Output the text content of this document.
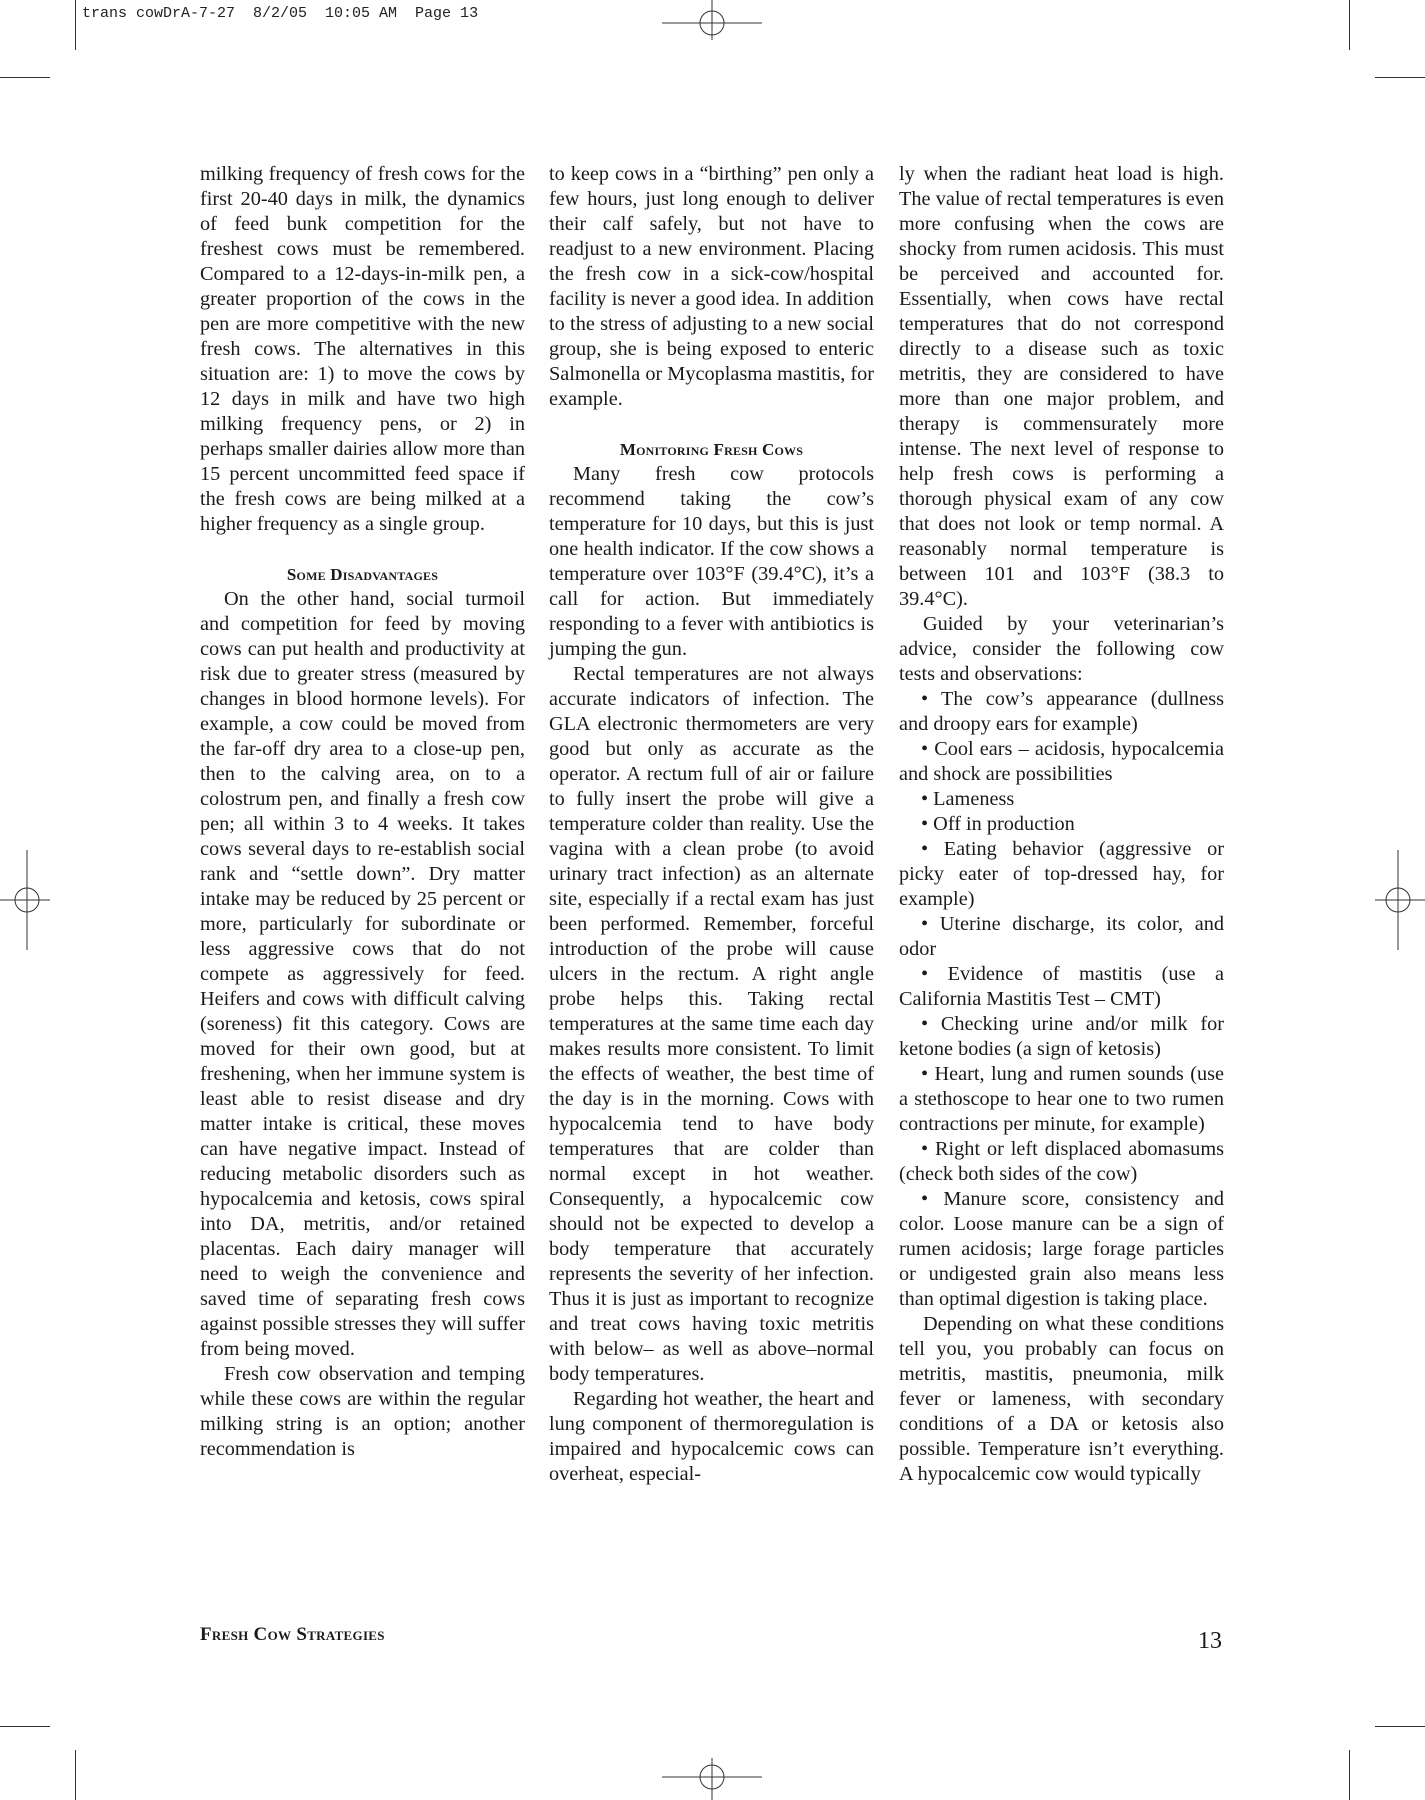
trans cowDrA-7-27  8/2/05  10:05 AM  Page 13

milking frequency of fresh cows for the first 20-40 days in milk, the dynamics of feed bunk competition for the freshest cows must be remembered. Compared to a 12-days-in-milk pen, a greater proportion of the cows in the pen are more competitive with the new fresh cows. The alternatives in this situation are: 1) to move the cows by 12 days in milk and have two high milking frequency pens, or 2) in perhaps smaller dairies allow more than 15 percent uncommitted feed space if the fresh cows are being milked at a higher frequency as a single group.

Some Disadvantages

On the other hand, social turmoil and competition for feed by moving cows can put health and productivity at risk due to greater stress (measured by changes in blood hormone levels). For example, a cow could be moved from the far-off dry area to a close-up pen, then to the calving area, on to a colostrum pen, and finally a fresh cow pen; all within 3 to 4 weeks. It takes cows several days to re-establish social rank and “settle down”. Dry matter intake may be reduced by 25 percent or more, particularly for subordinate or less aggressive cows that do not compete as aggressively for feed. Heifers and cows with difficult calving (soreness) fit this category. Cows are moved for their own good, but at freshening, when her immune system is least able to resist disease and dry matter intake is critical, these moves can have negative impact. Instead of reducing metabolic disorders such as hypocalcemia and ketosis, cows spiral into DA, metritis, and/or retained placentas. Each dairy manager will need to weigh the convenience and saved time of separating fresh cows against possible stresses they will suffer from being moved.

Fresh cow observation and temping while these cows are within the regular milking string is an option; another recommendation is

to keep cows in a “birthing” pen only a few hours, just long enough to deliver their calf safely, but not have to readjust to a new environment. Placing the fresh cow in a sick-cow/hospital facility is never a good idea. In addition to the stress of adjusting to a new social group, she is being exposed to enteric Salmonella or Mycoplasma mastitis, for example.

Monitoring Fresh Cows

Many fresh cow protocols recommend taking the cow’s temperature for 10 days, but this is just one health indicator. If the cow shows a temperature over 103°F (39.4°C), it’s a call for action. But immediately responding to a fever with antibiotics is jumping the gun.

Rectal temperatures are not always accurate indicators of infection. The GLA electronic thermometers are very good but only as accurate as the operator. A rectum full of air or failure to fully insert the probe will give a temperature colder than reality. Use the vagina with a clean probe (to avoid urinary tract infection) as an alternate site, especially if a rectal exam has just been performed. Remember, forceful introduction of the probe will cause ulcers in the rectum. A right angle probe helps this. Taking rectal temperatures at the same time each day makes results more consistent. To limit the effects of weather, the best time of the day is in the morning. Cows with hypocalcemia tend to have body temperatures that are colder than normal except in hot weather. Consequently, a hypocalcemic cow should not be expected to develop a body temperature that accurately represents the severity of her infection. Thus it is just as important to recognize and treat cows having toxic metritis with below– as well as above–normal body temperatures.

Regarding hot weather, the heart and lung component of thermoregulation is impaired and hypocalcemic cows can overheat, especial-

ly when the radiant heat load is high. The value of rectal temperatures is even more confusing when the cows are shocky from rumen acidosis. This must be perceived and accounted for. Essentially, when cows have rectal temperatures that do not correspond directly to a disease such as toxic metritis, they are considered to have more than one major problem, and therapy is commensurately more intense. The next level of response to help fresh cows is performing a thorough physical exam of any cow that does not look or temp normal. A reasonably normal temperature is between 101 and 103°F (38.3 to 39.4°C).

Guided by your veterinarian’s advice, consider the following cow tests and observations:

• The cow’s appearance (dullness and droopy ears for example)

• Cool ears – acidosis, hypocalcemia and shock are possibilities

• Lameness

• Off in production

• Eating behavior (aggressive or picky eater of top-dressed hay, for example)

• Uterine discharge, its color, and odor

• Evidence of mastitis (use a California Mastitis Test – CMT)

• Checking urine and/or milk for ketone bodies (a sign of ketosis)

• Heart, lung and rumen sounds (use a stethoscope to hear one to two rumen contractions per minute, for example)

• Right or left displaced abomasums (check both sides of the cow)

• Manure score, consistency and color. Loose manure can be a sign of rumen acidosis; large forage particles or undigested grain also means less than optimal digestion is taking place.

Depending on what these conditions tell you, you probably can focus on metritis, mastitis, pneumonia, milk fever or lameness, with secondary conditions of a DA or ketosis also possible. Temperature isn’t everything. A hypocalcemic cow would typically

Fresh Cow Strategies	13
